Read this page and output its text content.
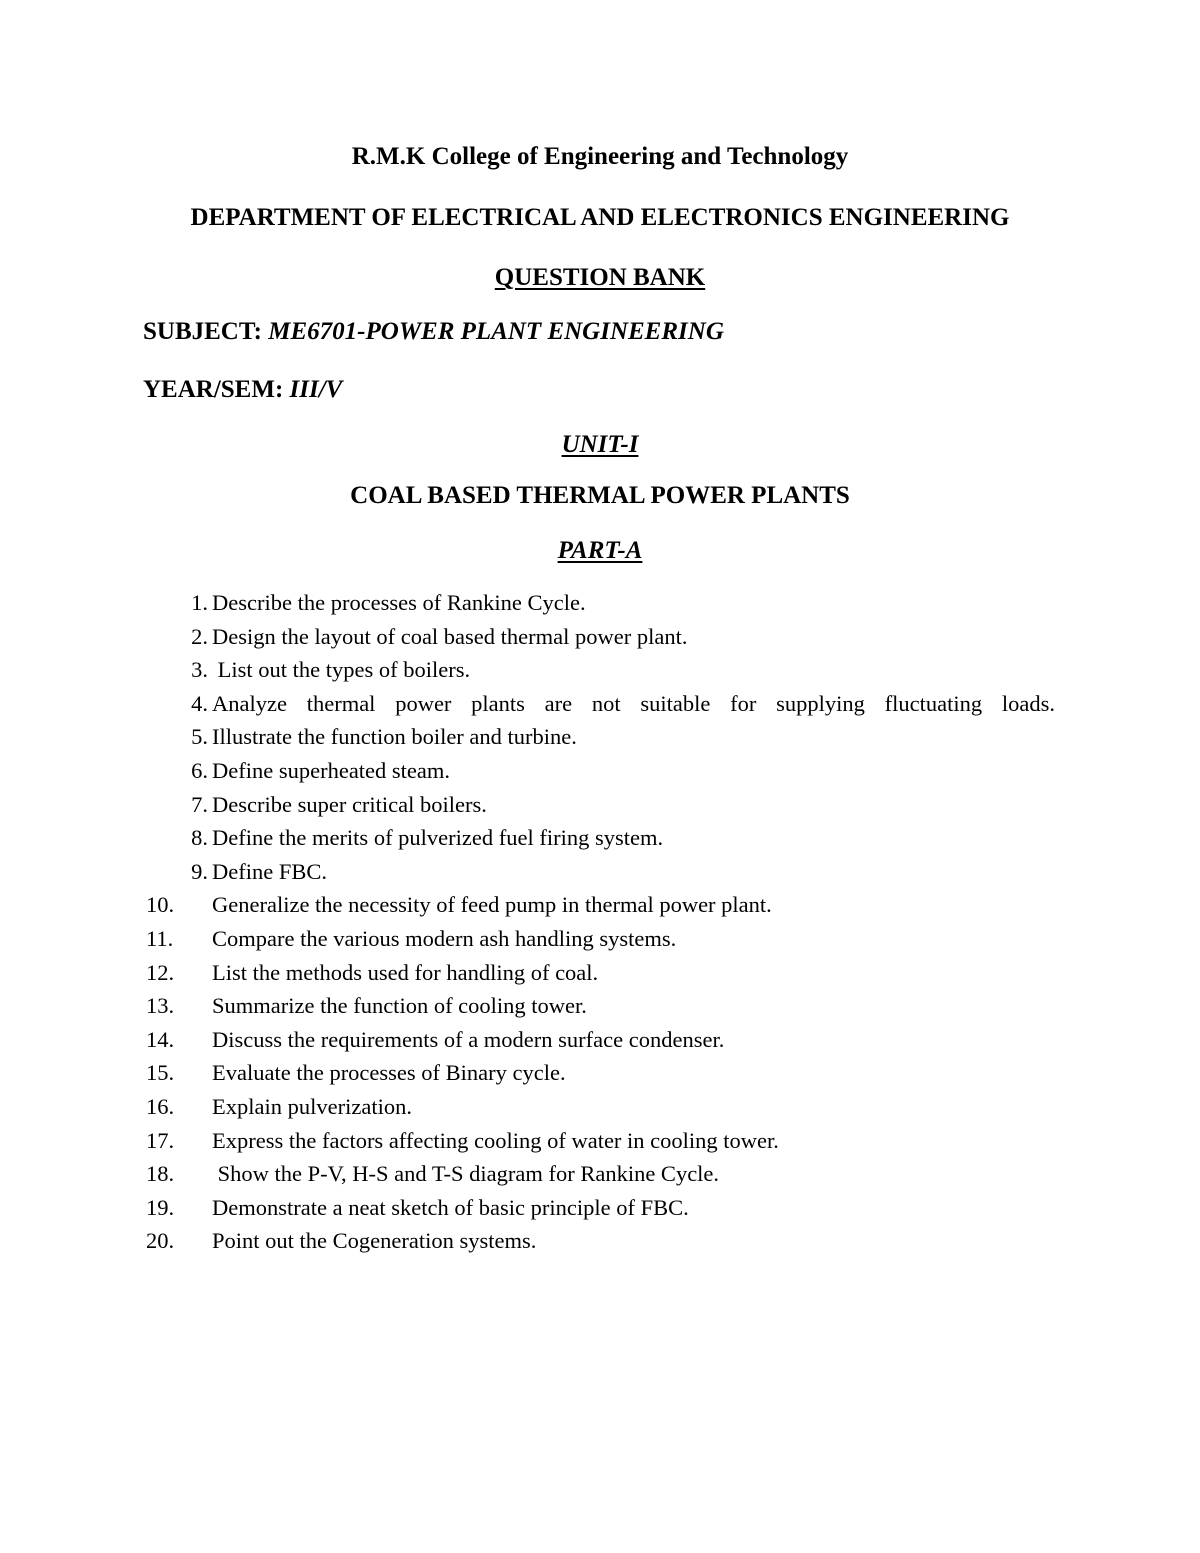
R.M.K College of Engineering and Technology
DEPARTMENT OF ELECTRICAL AND ELECTRONICS ENGINEERING
QUESTION BANK
SUBJECT: ME6701-POWER PLANT ENGINEERING
YEAR/SEM: III/V
UNIT-I
COAL BASED THERMAL POWER PLANTS
PART-A
1. Describe the processes of Rankine Cycle.
2. Design the layout of coal based thermal power plant.
3. List out the types of boilers.
4. Analyze thermal power plants are not suitable for supplying fluctuating loads.
5. Illustrate the function boiler and turbine.
6. Define superheated steam.
7. Describe super critical boilers.
8. Define the merits of pulverized fuel firing system.
9. Define FBC.
10.	Generalize the necessity of feed pump in thermal power plant.
11.	Compare the various modern ash handling systems.
12.	List the methods used for handling of coal.
13.	Summarize the function of cooling tower.
14.	Discuss the requirements of a modern surface condenser.
15.	Evaluate the processes of Binary cycle.
16.	Explain pulverization.
17.	Express the factors affecting cooling of water in cooling tower.
18.	Show the P-V, H-S and T-S diagram for Rankine Cycle.
19.	Demonstrate a neat sketch of basic principle of FBC.
20.	Point out the Cogeneration systems.
